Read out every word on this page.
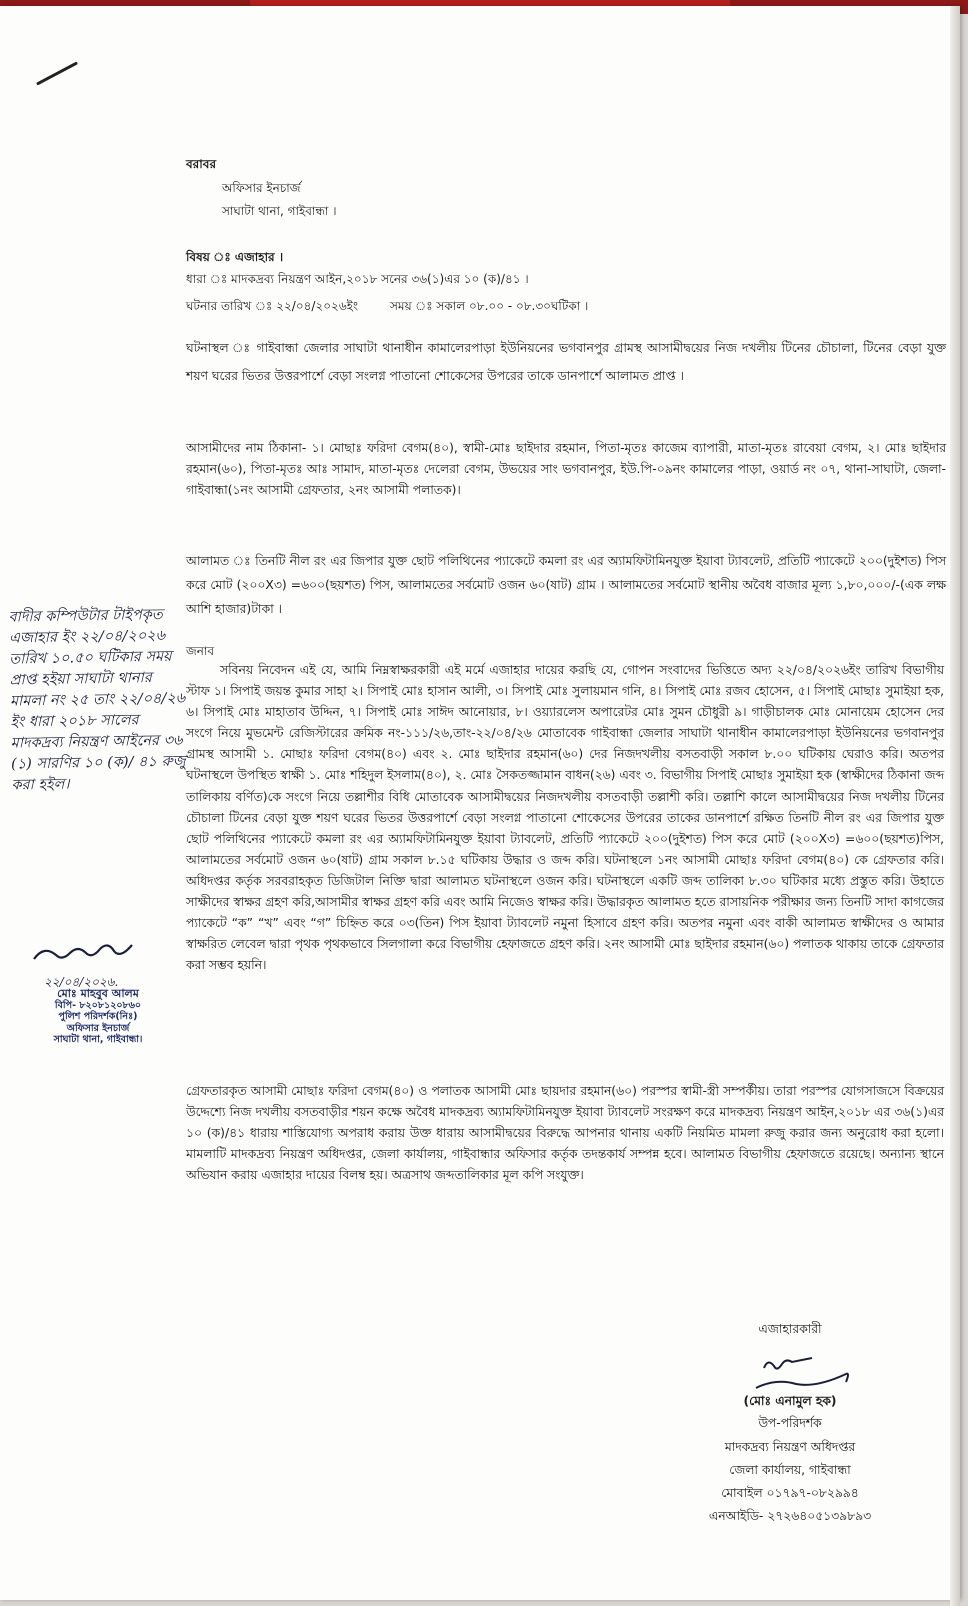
বরাবর
অফিসার ইনচার্জ
সাঘাটা থানা, গাইবান্ধা ।
বিষয় ঃ এজাহার ।
ধারা ঃ মাদকদ্রব্য নিয়ন্ত্রণ আইন,২০১৮ সনের ৩৬(১)এর ১০ (ক)/৪১ ।
ঘটনার তারিখ ঃ ২২/০৪/২০২৬ইং	সময় ঃ সকাল ০৮.০০ - ০৮.৩০ঘটিকা ।
ঘটনাস্থল ঃ গাইবান্ধা জেলার সাঘাটা থানাধীন কামালেরপাড়া ইউনিয়নের ভগবানপুর গ্রামস্থ আসামীদ্বয়ের নিজ দখলীয় টিনের চৌচালা, টিনের বেড়া যুক্ত শয়ণ ঘরের ভিতর উত্তরপার্শে বেড়া সংলগ্ন পাতানো শোকেসের উপরের তাকে ডানপার্শে আলামত প্রাপ্ত ।
আসামীদের নাম ঠিকানা- ১। মোছাঃ ফরিদা বেগম(৪০), স্বামী-মোঃ ছাইদার রহমান, পিতা-মৃতঃ কাজেম ব্যাপারী, মাতা-মৃতঃ রাবেয়া বেগম, ২। মোঃ ছাইদার রহমান(৬০), পিতা-মৃতঃ আঃ সামাদ, মাতা-মৃতঃ দেলেরা বেগম, উভয়ের সাং ভগবানপুর, ইউ.পি-০৯নং কামালের পাড়া, ওয়ার্ড নং ০৭, থানা-সাঘাটা, জেলা-গাইবান্ধা(১নং আসামী গ্রেফতার, ২নং আসামী পলাতক)।
আলামত ঃ তিনটি নীল রং এর জিপার যুক্ত ছোট পলিথিনের প্যাকেটে কমলা রং এর অ্যামফিটামিনযুক্ত ইয়াবা ট্যাবলেট, প্রতিটি প্যাকেটে ২০০(দুইশত) পিস করে মোট (২০০X৩) =৬০০(ছয়শত) পিস, আলামতের সর্বমোট ওজন ৬০(ষাট) গ্রাম । আলামতের সর্বমোট স্থানীয় অবৈধ বাজার মূল্য ১,৮০,০০০/-(এক লক্ষ আশি হাজার)টাকা ।
জনাব
সবিনয় নিবেদন এই যে, আমি নিম্নস্বাক্ষরকারী এই মর্মে এজাহার দায়ের করছি যে, গোপন সংবাদের ভিত্তিতে অদ্য ২২/০৪/২০২৬ইং তারিখ বিভাগীয় স্টাফ ১। সিপাই জয়ন্ত কুমার সাহা ২। সিপাই মোঃ হাসান আলী, ৩। সিপাই মোঃ সুলায়মান গনি, ৪। সিপাই মোঃ রজব হোসেন, ৫। সিপাই মোছাঃ সুমাইয়া হক, ৬। সিপাই মোঃ মাহাতাব উদ্দিন, ৭। সিপাই মোঃ সাঈদ আনোয়ার, ৮। ওয়্যারলেস অপারেটর মোঃ সুমন চৌধুরী ৯। গাড়ীচালক মোঃ মোনায়েম হোসেন দের সংগে নিয়ে মুভমেন্ট রেজিস্টারের ক্রমিক নং-১১১/২৬,তাং-২২/০৪/২৬ মোতাবেক গাইবান্ধা জেলার সাঘাটা থানাধীন কামালেরপাড়া ইউনিয়নের ভগবানপুর গ্রামস্থ আসামী ১. মোছাঃ ফরিদা বেগম(৪০) এবং ২. মোঃ ছাইদার রহমান(৬০) দের নিজদখলীয় বসতবাড়ী সকাল ৮.০০ ঘটিকায় ঘেরাও করি। অতপর ঘটনাস্থলে উপস্থিত স্বাক্ষী ১. মোঃ শহিদুল ইসলাম(৪০), ২. মোঃ সৈকতজ্জামান বাধন(২৬) এবং ৩. বিভাগীয় সিপাই মোছাঃ সুমাইয়া হক (স্বাক্ষীদের ঠিকানা জব্দ তালিকায় বর্ণিত)কে সংগে নিয়ে তল্লাশীর বিধি মোতাবেক আসামীদ্বয়ের নিজদখলীয় বসতবাড়ী তল্লাশী করি। তল্লাশি কালে আসামীদ্বয়ের নিজ দখলীয় টিনের চৌচালা টিনের বেড়া যুক্ত শয়ণ ঘরের ভিতর উত্তরপার্শে বেড়া সংলগ্ন পাতানো শোকেসের উপরের তাকের ডানপার্শে রক্ষিত তিনটি নীল রং এর জিপার যুক্ত ছোট পলিথিনের প্যাকেটে কমলা রং এর অ্যামফিটামিনযুক্ত ইয়াবা ট্যাবলেট, প্রতিটি প্যাকেটে ২০০(দুইশত) পিস করে মোট (২০০X৩) =৬০০(ছয়শত)পিস, আলামতের সর্বমোট ওজন ৬০(ষাট) গ্রাম সকাল ৮.১৫ ঘটিকায় উদ্ধার ও জব্দ করি। ঘটনাস্থলে ১নং আসামী মোছাঃ ফরিদা বেগম(৪০) কে গ্রেফতার করি। অধিদপ্তর কর্তৃক সরবরাহকৃত ডিজিটাল নিক্তি দ্বারা আলামত ঘটনাস্থলে ওজন করি। ঘটনাস্থলে একটি জব্দ তালিকা ৮.৩০ ঘটিকার মধ্যে প্রস্তুত করি। উহাতে সাক্ষীদের স্বাক্ষর গ্রহণ করি,আসামীর স্বাক্ষর গ্রহণ করি এবং আমি নিজেও স্বাক্ষর করি। উদ্ধারকৃত আলামত হতে রাসায়নিক পরীক্ষার জন্য তিনটি সাদা কাগজের প্যাকেটে “ক” “খ” এবং “গ” চিহ্নিত করে ০৩(তিন) পিস ইয়াবা ট্যাবলেট নমুনা হিসাবে গ্রহণ করি। অতপর নমুনা এবং বাকী আলামত স্বাক্ষীদের ও আমার স্বাক্ষরিত লেবেল দ্বারা পৃথক পৃথকভাবে সিলগালা করে বিভাগীয় হেফাজতে গ্রহণ করি। ২নং আসামী মোঃ ছাইদার রহমান(৬০) পলাতক থাকায় তাকে গ্রেফতার করা সম্ভব হয়নি।
গ্রেফতারকৃত আসামী মোছাঃ ফরিদা বেগম(৪০) ও পলাতক আসামী মোঃ ছায়দার রহমান(৬০) পরস্পর স্বামী-স্ত্রী সম্পর্কীয়। তারা পরস্পর যোগসাজসে বিক্রয়ের উদ্দেশ্যে নিজ দখলীয় বসতবাড়ীর শয়ন কক্ষে অবৈধ মাদকদ্রব্য অ্যামফিটামিনযুক্ত ইয়াবা ট্যাবলেট সংরক্ষণ করে মাদকদ্রব্য নিয়ন্ত্রণ আইন,২০১৮ এর ৩৬(১)এর ১০ (ক)/৪১ ধারায় শাস্তিযোগ্য অপরাধ করায় উক্ত ধারায় আসামীদ্বয়ের বিরুদ্ধে আপনার থানায় একটি নিয়মিত মামলা রুজু করার জন্য অনুরোধ করা হলো। মামলাটি মাদকদ্রব্য নিয়ন্ত্রণ অধিদপ্তর, জেলা কার্যালয়, গাইবান্ধার অফিসার কর্তৃক তদন্তকার্য সম্পন্ন হবে। আলামত বিভাগীয় হেফাজতে রয়েছে। অন্যান্য স্থানে অভিযান করায় এজাহার দায়ের বিলম্ব হয়। অত্রসাথ জব্দতালিকার মূল কপি সংযুক্ত।
এজাহারকারী
(মোঃ এনামুল হক)
উপ-পরিদর্শক
মাদকদ্রব্য নিয়ন্ত্রণ অধিদপ্তর
জেলা কার্যালয়, গাইবান্ধা
মোবাইল ০১৭৯৭-০৮২৯৯৪
এনআইডি- ২৭২৬৪০৫১৩৯৮৯৩
বাদীর কম্পিউটার টাইপকৃত এজাহার ইং ২২/০৪/২০২৬ তারিখ ১০.৫০ ঘটিকার সময় প্রাপ্ত হইয়া সাঘাটা থানার মামলা নং ২৫ তাং ২২/০৪/২৬ ইং ধারা ২০১৮ সালের মাদকদ্রব্য নিয়ন্ত্রণ আইনের ৩৬ (১) সারণির ১০ (ক)/ ৪১ রুজু করা হইল।
২২/০৪/২০২৬.
মোঃ মাহবুব আলম
বিপি- ৮২০৮১২০৮৬০
পুলিশ পরিদর্শক(নিঃ)
অফিসার ইনচার্জ
সাঘাটা থানা, গাইবান্ধা।
